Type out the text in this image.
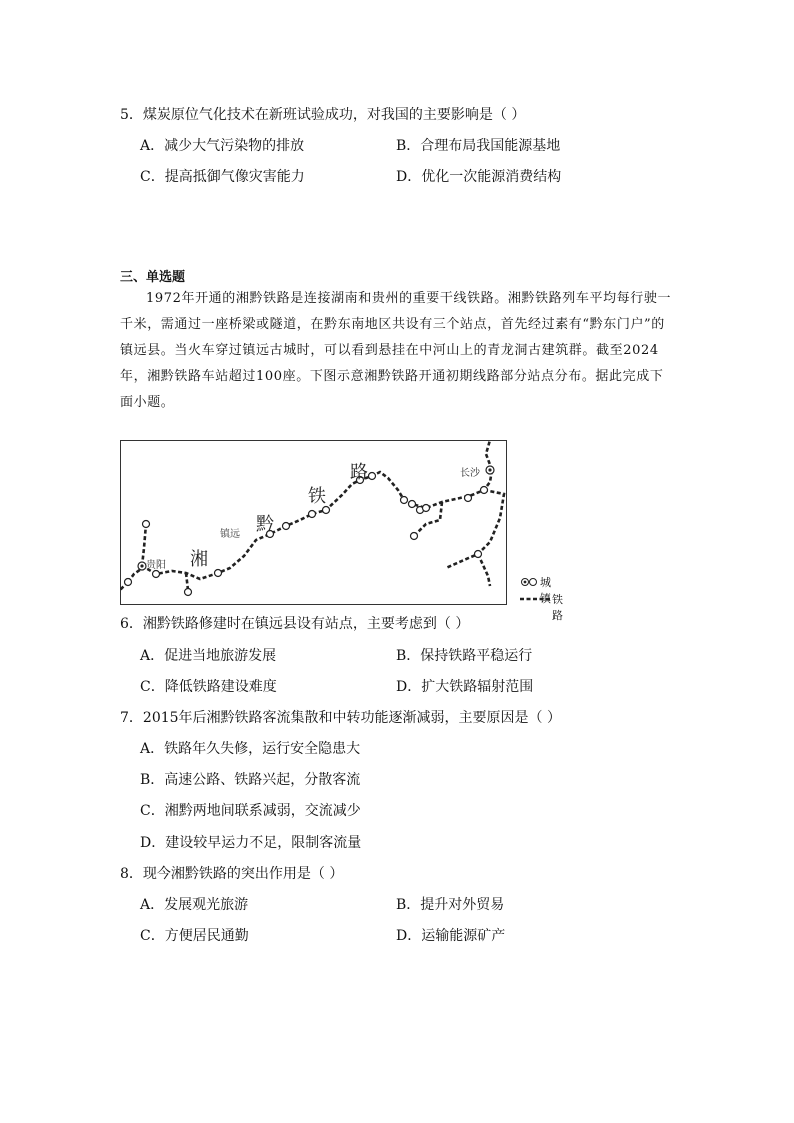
5．煤炭原位气化技术在新班试验成功，对我国的主要影响是（ ）
A．减少大气污染物的排放	B．合理布局我国能源基地
C．提高抵御气像灾害能力	D．优化一次能源消费结构
三、单选题

1972年开通的湘黔铁路是连接湖南和贵州的重要干线铁路。湘黔铁路列车平均每行驶一千米，需通过一座桥梁或隧道，在黔东南地区共设有三个站点，首先经过素有“黔东门户”的镇远县。当火车穿过镇远古城时，可以看到悬挂在中河山上的青龙洞古建筑群。截至2024年，湘黔铁路车站超过100座。下图示意湘黔铁路开通初期线路部分站点分布。据此完成下面小题。

长沙
贵阳
镇远
湘
黔
铁
路
城镇 铁路
6．湘黔铁路修建时在镇远县设有站点，主要考虑到（ ）
A．促进当地旅游发展	B．保持铁路平稳运行
C．降低铁路建设难度	D．扩大铁路辐射范围
7．2015年后湘黔铁路客流集散和中转功能逐渐减弱，主要原因是（ ）
A．铁路年久失修，运行安全隐患大
B．高速公路、铁路兴起，分散客流
C．湘黔两地间联系减弱，交流减少
D．建设较早运力不足，限制客流量
8．现今湘黔铁路的突出作用是（ ）
A．发展观光旅游	B．提升对外贸易
C．方便居民通勤	D．运输能源矿产
